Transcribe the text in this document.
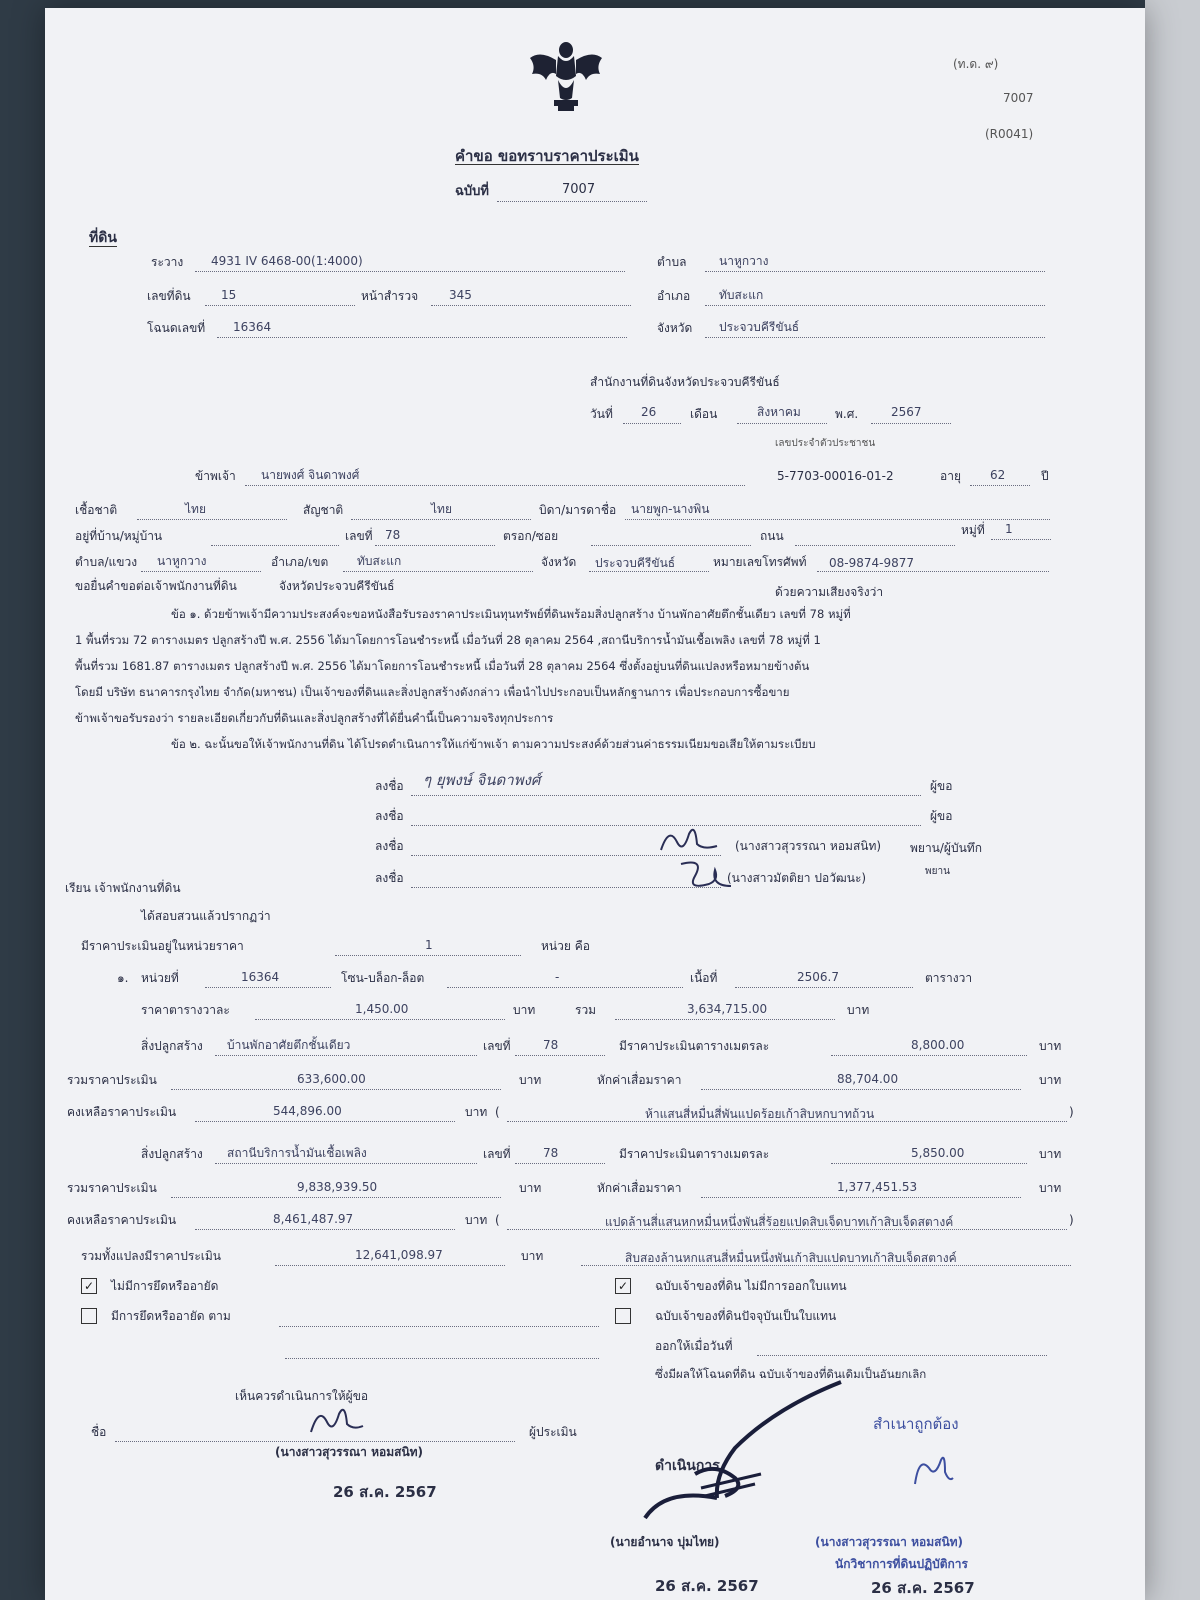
(ท.ด. ๙)
7007
(R0041)
คำขอ ขอทราบราคาประเมิน
ฉบับที่	7007
ที่ดิน
ระวาง 4931 IV 6468-00(1:4000)
เลขที่ดิน	15	หน้าสำรวจ	345
โฉนดเลขที่ 16364
ตำบล	นาหูกวาง
อำเภอ ทับสะแก
จังหวัด ประจวบคีรีขันธ์
สำนักงานที่ดินจังหวัดประจวบคีรีขันธ์
วันที่ 26	เดือน	สิงหาคม	พ.ศ.	2567
เลขประจำตัวประชาชน
ข้าพเจ้า นายพงศ์ จินดาพงศ์	5-7703-00016-01-2	อายุ 62	ปี
เชื้อชาติ	ไทย	สัญชาติ	ไทย	บิดา/มารดาชื่อ นายพูก-นางพิน
อยู่ที่บ้าน/หมู่บ้าน	เลขที่ 78	ตรอก/ซอย	ถนน	หมู่ที่ 1
ตำบล/แขวง นาหูกวาง	อำเภอ/เขต ทับสะแก	จังหวัด ประจวบคีรีขันธ์	หมายเลขโทรศัพท์ 08-9874-9877
ขอยื่นคำขอต่อเจ้าพนักงานที่ดิน	จังหวัดประจวบคีรีขันธ์	ด้วยความเสียงจริงว่า
ข้อ ๑. ด้วยข้าพเจ้ามีความประสงค์จะขอหนังสือรับรองราคาประเมินทุนทรัพย์ที่ดินพร้อมสิ่งปลูกสร้าง บ้านพักอาศัยตึกชั้นเดียว เลขที่ 78 หมู่ที่
1 พื้นที่รวม 72 ตารางเมตร ปลูกสร้างปี พ.ศ. 2556 ได้มาโดยการโอนชำระหนี้ เมื่อวันที่ 28 ตุลาคม 2564 ,สถานีบริการน้ำมันเชื้อเพลิง เลขที่ 78 หมู่ที่ 1
พื้นที่รวม 1681.87 ตารางเมตร ปลูกสร้างปี พ.ศ. 2556 ได้มาโดยการโอนชำระหนี้ เมื่อวันที่ 28 ตุลาคม 2564 ซึ่งตั้งอยู่บนที่ดินแปลงหรือหมายข้างต้น
โดยมี บริษัท ธนาคารกรุงไทย จำกัด(มหาชน) เป็นเจ้าของที่ดินและสิ่งปลูกสร้างดังกล่าว เพื่อนำไปประกอบเป็นหลักฐานการ เพื่อประกอบการซื้อขาย
ข้าพเจ้าขอรับรองว่า รายละเอียดเกี่ยวกับที่ดินและสิ่งปลูกสร้างที่ได้ยื่นคำนี้เป็นความจริงทุกประการ
ข้อ ๒. ฉะนั้นขอให้เจ้าพนักงานที่ดิน ได้โปรดดำเนินการให้แก่ข้าพเจ้า ตามความประสงค์ด้วยส่วนค่าธรรมเนียมขอเสียให้ตามระเบียบ
ลงชื่อ ๆ ยุพงษ์ จินดาพงศ์	ผู้ขอ
ลงชื่อ	ผู้ขอ
ลงชื่อ	(นางสาวสุวรรณา หอมสนิท) พยาน/ผู้บันทึก
ลงชื่อ	(นางสาวมัตติยา ปอวัฒนะ)	พยาน
เรียน เจ้าพนักงานที่ดิน
ได้สอบสวนแล้วปรากฏว่า
มีราคาประเมินอยู่ในหน่วยราคา	1	หน่วย คือ
๑. หน่วยที่	16364	โซน-บล็อก-ล็อต	-	เนื้อที่	2506.7	ตารางวา
ราคาตารางวาละ	1,450.00	บาท	รวม	3,634,715.00	บาท
สิ่งปลูกสร้าง บ้านพักอาศัยตึกชั้นเดียว	เลขที่	78	มีราคาประเมินตารางเมตรละ	8,800.00	บาท
รวมราคาประเมิน	633,600.00	บาท	หักค่าเสื่อมราคา	88,704.00	บาท
คงเหลือราคาประเมิน	544,896.00	บาท (	ห้าแสนสี่หมื่นสี่พันแปดร้อยเก้าสิบหกบาทถ้วน	)
สิ่งปลูกสร้าง สถานีบริการน้ำมันเชื้อเพลิง	เลขที่	78	มีราคาประเมินตารางเมตรละ	5,850.00	บาท
รวมราคาประเมิน	9,838,939.50	บาท	หักค่าเสื่อมราคา	1,377,451.53	บาท
คงเหลือราคาประเมิน	8,461,487.97	บาท (	แปดล้านสี่แสนหกหมื่นหนึ่งพันสี่ร้อยแปดสิบเจ็ดบาทเก้าสิบเจ็ดสตางค์	)
รวมทั้งแปลงมีราคาประเมิน	12,641,098.97	บาท	สิบสองล้านหกแสนสี่หมื่นหนึ่งพันเก้าสิบแปดบาทเก้าสิบเจ็ดสตางค์
✓ ไม่มีการยึดหรืออายัด
มีการยึดหรืออายัด ตาม
✓ ฉบับเจ้าของที่ดิน ไม่มีการออกใบแทน
ฉบับเจ้าของที่ดินปัจจุบันเป็นใบแทน
ออกให้เมื่อวันที่
ซึ่งมีผลให้โฉนดที่ดิน ฉบับเจ้าของที่ดินเดิมเป็นอันยกเลิก
เห็นควรดำเนินการให้ผู้ขอ
ชื่อ	ผู้ประเมิน
(นางสาวสุวรรณา หอมสนิท)
26 ส.ค. 2567
ดำเนินการ
(นายอำนาจ บุ่มไทย)
26 ส.ค. 2567
สำเนาถูกต้อง
(นางสาวสุวรรณา หอมสนิท)
นักวิชาการที่ดินปฏิบัติการ
26 ส.ค. 2567
